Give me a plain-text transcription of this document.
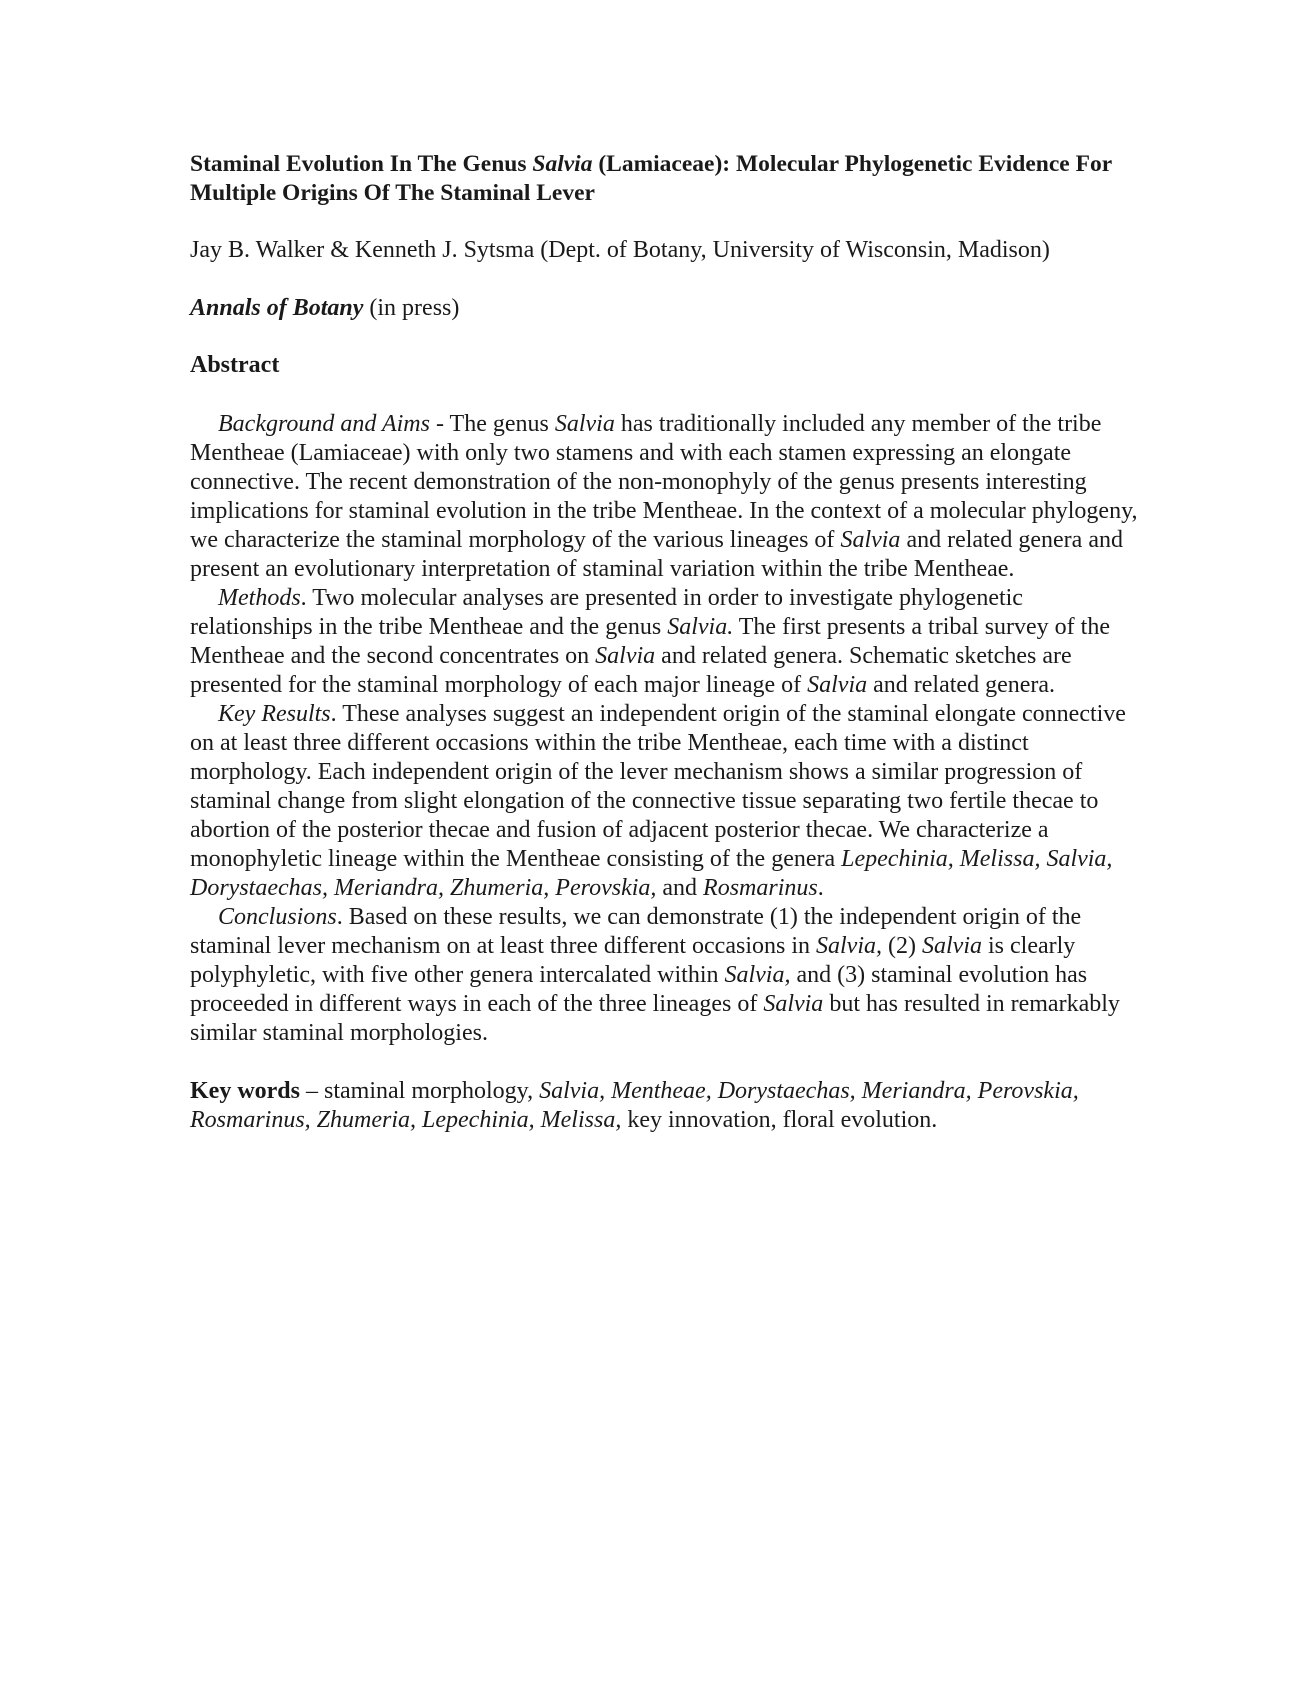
Staminal Evolution In The Genus Salvia (Lamiaceae): Molecular Phylogenetic Evidence For Multiple Origins Of The Staminal Lever

Jay B. Walker & Kenneth J. Sytsma (Dept. of Botany, University of Wisconsin, Madison)

Annals of Botany (in press)

Abstract

Background and Aims - The genus Salvia has traditionally included any member of the tribe Mentheae (Lamiaceae) with only two stamens and with each stamen expressing an elongate connective. The recent demonstration of the non-monophyly of the genus presents interesting implications for staminal evolution in the tribe Mentheae. In the context of a molecular phylogeny, we characterize the staminal morphology of the various lineages of Salvia and related genera and present an evolutionary interpretation of staminal variation within the tribe Mentheae.

Methods. Two molecular analyses are presented in order to investigate phylogenetic relationships in the tribe Mentheae and the genus Salvia. The first presents a tribal survey of the Mentheae and the second concentrates on Salvia and related genera. Schematic sketches are presented for the staminal morphology of each major lineage of Salvia and related genera.

Key Results. These analyses suggest an independent origin of the staminal elongate connective on at least three different occasions within the tribe Mentheae, each time with a distinct morphology. Each independent origin of the lever mechanism shows a similar progression of staminal change from slight elongation of the connective tissue separating two fertile thecae to abortion of the posterior thecae and fusion of adjacent posterior thecae. We characterize a monophyletic lineage within the Mentheae consisting of the genera Lepechinia, Melissa, Salvia, Dorystaechas, Meriandra, Zhumeria, Perovskia, and Rosmarinus.

Conclusions. Based on these results, we can demonstrate (1) the independent origin of the staminal lever mechanism on at least three different occasions in Salvia, (2) Salvia is clearly polyphyletic, with five other genera intercalated within Salvia, and (3) staminal evolution has proceeded in different ways in each of the three lineages of Salvia but has resulted in remarkably similar staminal morphologies.

Key words – staminal morphology, Salvia, Mentheae, Dorystaechas, Meriandra, Perovskia, Rosmarinus, Zhumeria, Lepechinia, Melissa, key innovation, floral evolution.
